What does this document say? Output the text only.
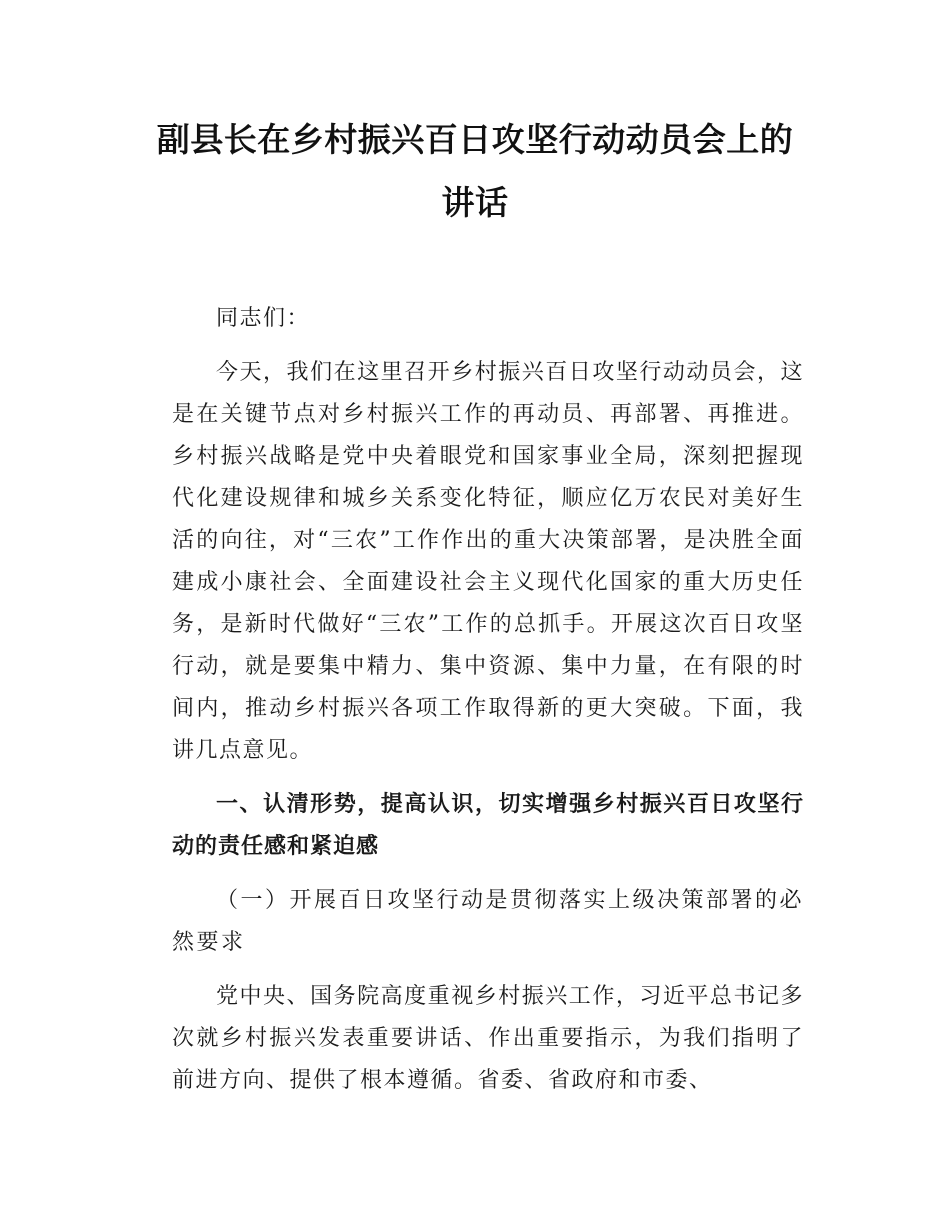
副县长在乡村振兴百日攻坚行动动员会上的
讲话

同志们：

今天，我们在这里召开乡村振兴百日攻坚行动动员会，这是在关键节点对乡村振兴工作的再动员、再部署、再推进。乡村振兴战略是党中央着眼党和国家事业全局，深刻把握现代化建设规律和城乡关系变化特征，顺应亿万农民对美好生活的向往，对“三农”工作作出的重大决策部署，是决胜全面建成小康社会、全面建设社会主义现代化国家的重大历史任务，是新时代做好“三农”工作的总抓手。开展这次百日攻坚行动，就是要集中精力、集中资源、集中力量，在有限的时间内，推动乡村振兴各项工作取得新的更大突破。下面，我讲几点意见。

一、认清形势，提高认识，切实增强乡村振兴百日攻坚行动的责任感和紧迫感

（一）开展百日攻坚行动是贯彻落实上级决策部署的必然要求

党中央、国务院高度重视乡村振兴工作，习近平总书记多次就乡村振兴发表重要讲话、作出重要指示，为我们指明了前进方向、提供了根本遵循。省委、省政府和市委、
